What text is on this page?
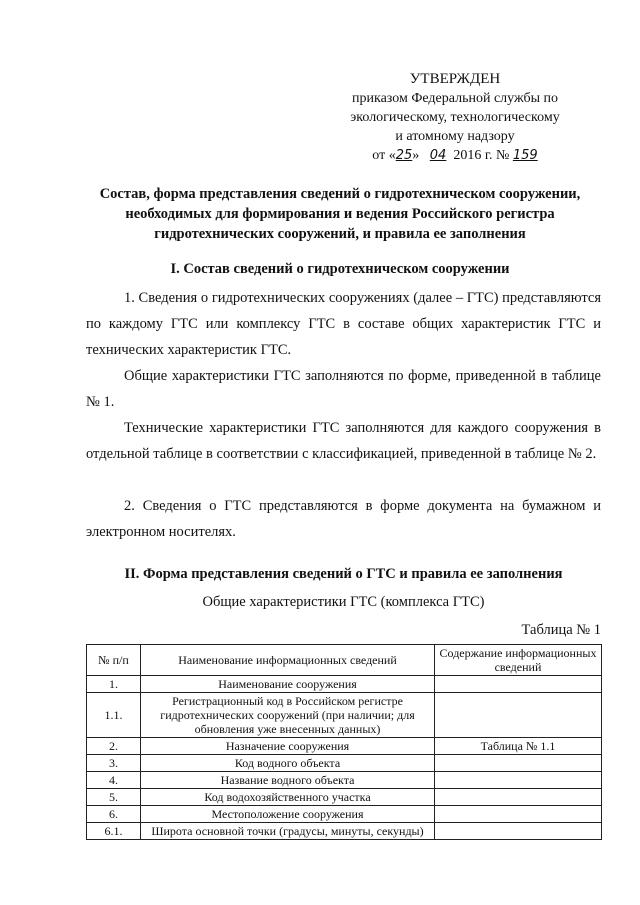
УТВЕРЖДЕН
приказом Федеральной службы по
экологическому, технологическому
и атомному надзору
от «25»   04  2016 г. № 159
Состав, форма представления сведений о гидротехническом сооружении,
необходимых для формирования и ведения Российского регистра
гидротехнических сооружений, и правила ее заполнения
I. Состав сведений о гидротехническом сооружении
1. Сведения о гидротехнических сооружениях (далее – ГТС) представляются по каждому ГТС или комплексу ГТС в составе общих характеристик ГТС и технических характеристик ГТС.
Общие характеристики ГТС заполняются по форме, приведенной в таблице № 1.
Технические характеристики ГТС заполняются для каждого сооружения в отдельной таблице в соответствии с классификацией, приведенной в таблице № 2.
2. Сведения о ГТС представляются в форме документа на бумажном и электронном носителях.
II. Форма представления сведений о ГТС и правила ее заполнения
Общие характеристики ГТС (комплекса ГТС)
Таблица № 1
№ п/п	Наименование информационных сведений	Содержание информационных сведений
1.	Наименование сооружения	
1.1.	Регистрационный код в Российском регистре гидротехнических сооружений (при наличии; для обновления уже внесенных данных)	
2.	Назначение сооружения	Таблица № 1.1
3.	Код водного объекта	
4.	Название водного объекта	
5.	Код водохозяйственного участка	
6.	Местоположение сооружения	
6.1.	Широта основной точки (градусы, минуты, секунды)	
